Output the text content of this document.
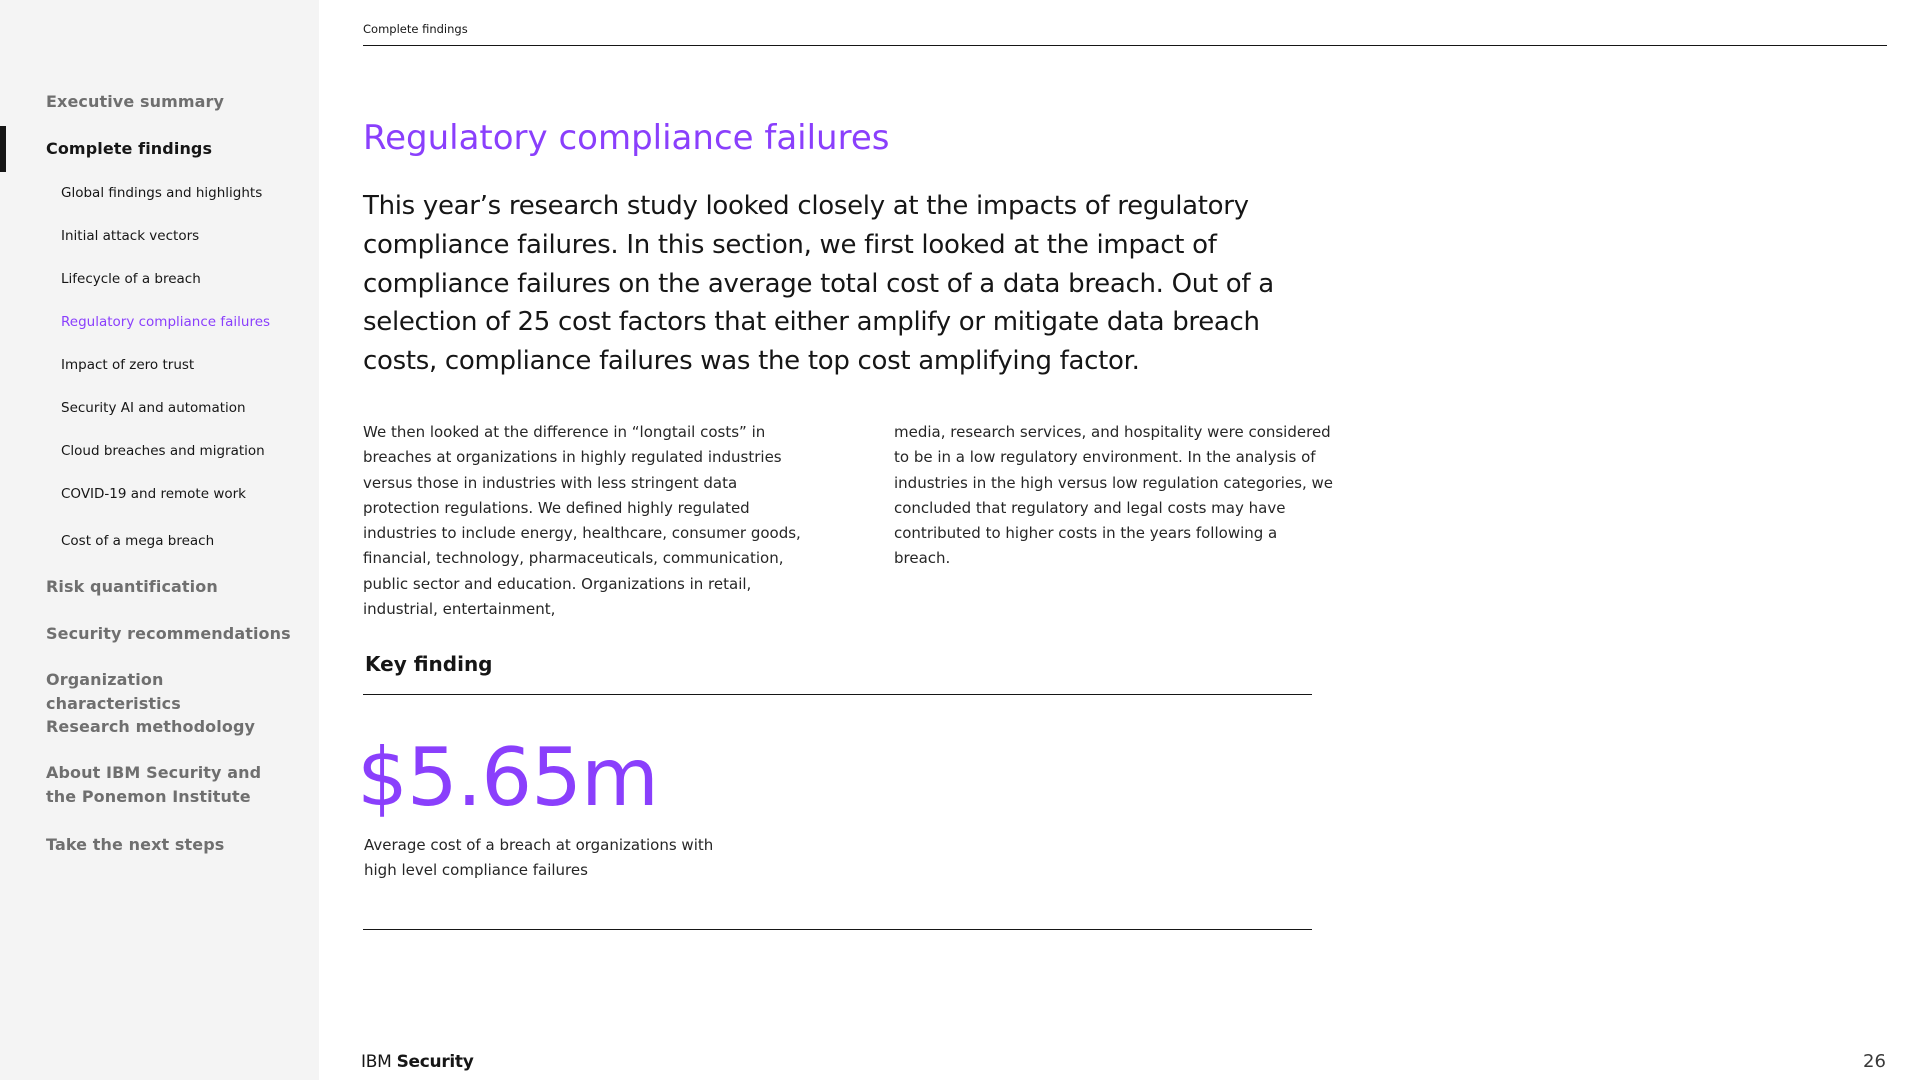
Executive summary
Complete findings
Global findings and highlights
Initial attack vectors
Lifecycle of a breach
Regulatory compliance failures
Impact of zero trust
Security AI and automation
Cloud breaches and migration
COVID-19 and remote work
Cost of a mega breach
Risk quantification
Security recommendations
Organization characteristics
Research methodology
About IBM Security and the Ponemon Institute
Take the next steps
Complete findings
Regulatory compliance failures

This year’s research study looked closely at the impacts of regulatory compliance failures. In this section, we first looked at the impact of compliance failures on the average total cost of a data breach. Out of a selection of 25 cost factors that either amplify or mitigate data breach costs, compliance failures was the top cost amplifying factor.

We then looked at the difference in “longtail costs” in breaches at organizations in highly regulated industries versus those in industries with less stringent data protection regulations. We defined highly regulated industries to include energy, healthcare, consumer goods, financial, technology, pharmaceuticals, communication, public sector and education. Organizations in retail, industrial, entertainment,

media, research services, and hospitality were considered to be in a low regulatory environment. In the analysis of industries in the high versus low regulation categories, we concluded that regulatory and legal costs may have contributed to higher costs in the years following a breach.

Key finding
$5.65m

Average cost of a breach at organizations with high level compliance failures

IBM Security	26
